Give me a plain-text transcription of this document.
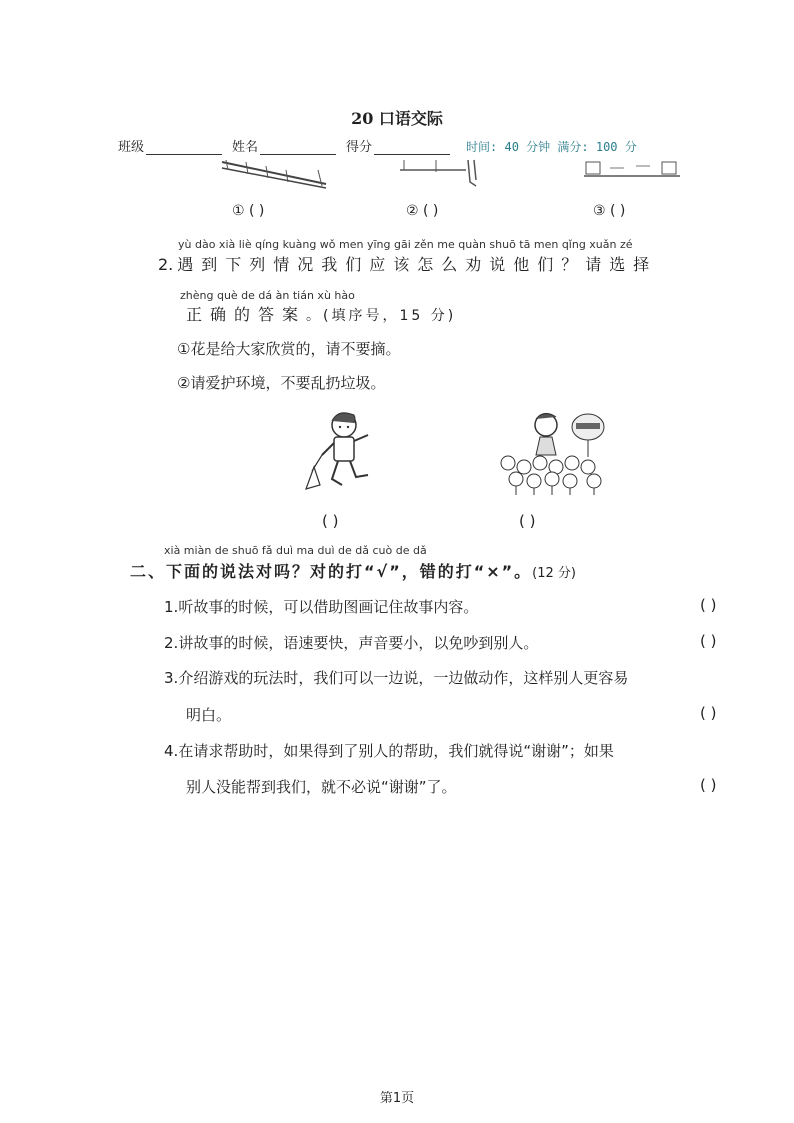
20 口语交际
班级	姓名	得分	时间: 40 分钟 满分: 100 分
① ( )	② ( )	③ ( )
yù dào xià liè qíng kuàng wǒ men yīng gāi zěn me quàn shuō tā men qǐng xuǎn zé
2. 遇到下列情况我们应该怎么劝说他们？请选择
zhèng què de dá àn tián xù hào
正确的答案 。(填序号，15 分)
①花是给大家欣赏的，请不要摘。
②请爱护环境，不要乱扔垃圾。
( )	( )
xià miàn de shuō fǎ duì ma duì de dǎ cuò de dǎ
二、下面的说法对吗？对的打“√”，错的打“×”。 (12 分)
1.听故事的时候，可以借助图画记住故事内容。	( )
2.讲故事的时候，语速要快，声音要小，以免吵到别人。	( )
3.介绍游戏的玩法时，我们可以一边说，一边做动作，这样别人更容易
明白。	( )
4.在请求帮助时，如果得到了别人的帮助，我们就得说“谢谢”；如果
别人没能帮到我们，就不必说“谢谢”了。	( )
第1页
